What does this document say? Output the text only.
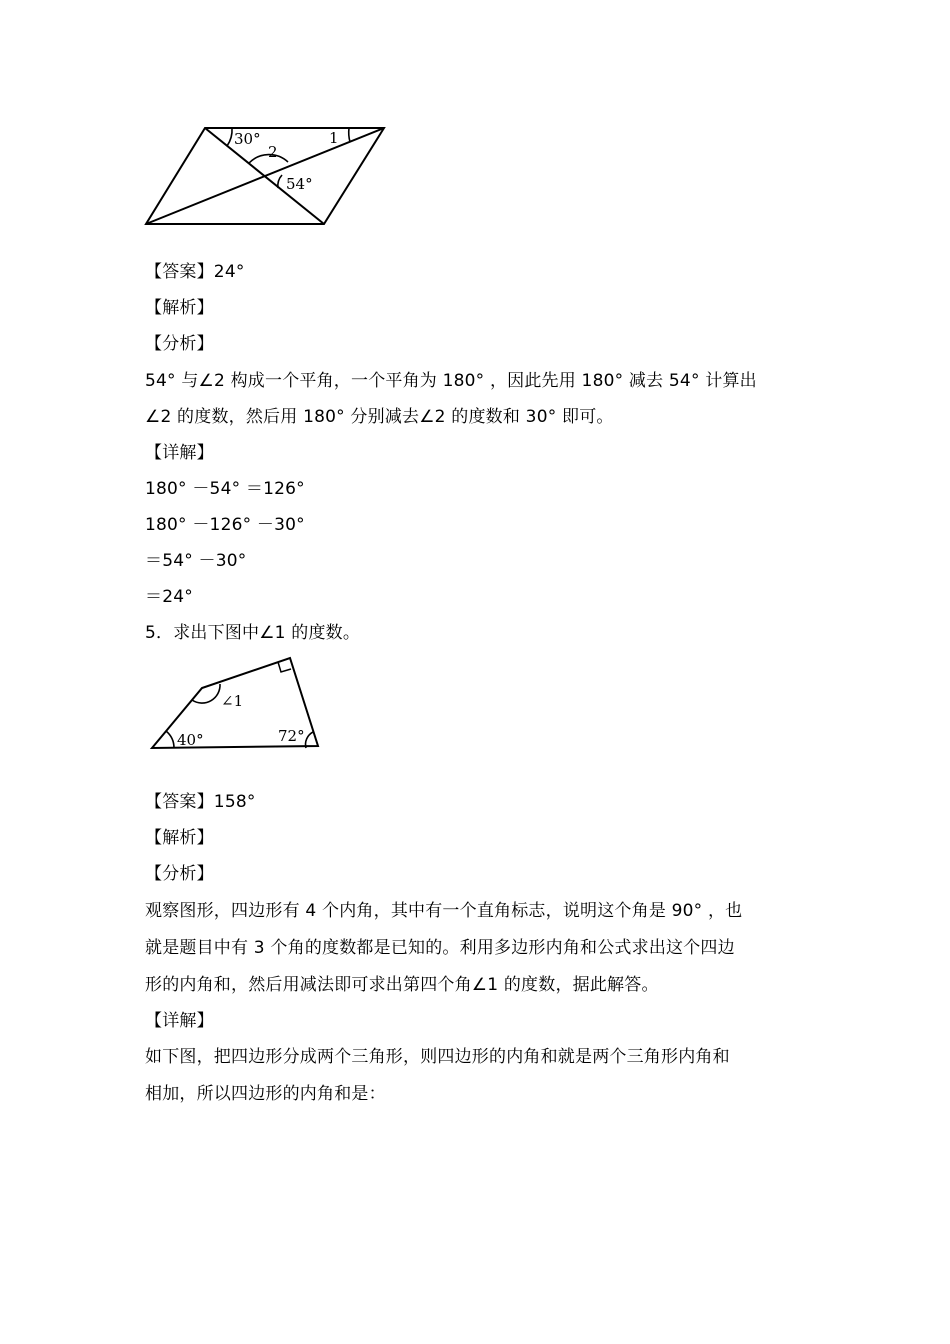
30°
2
1
54°
【答案】24°
【解析】
【分析】
54° 与∠2 构成一个平角，一个平角为 180° ，因此先用 180° 减去 54° 计算出
∠2 的度数，然后用 180° 分别减去∠2 的度数和 30° 即可。
【详解】
180° －54° ＝126°
180° －126° －30°
＝54° －30°
＝24°
5．求出下图中∠1 的度数。
∠1
40°	72°
【答案】158°
【解析】
【分析】
观察图形，四边形有 4 个内角，其中有一个直角标志，说明这个角是 90° ，也
就是题目中有 3 个角的度数都是已知的。利用多边形内角和公式求出这个四边
形的内角和，然后用减法即可求出第四个角∠1 的度数，据此解答。
【详解】
如下图，把四边形分成两个三角形，则四边形的内角和就是两个三角形内角和
相加，所以四边形的内角和是：
